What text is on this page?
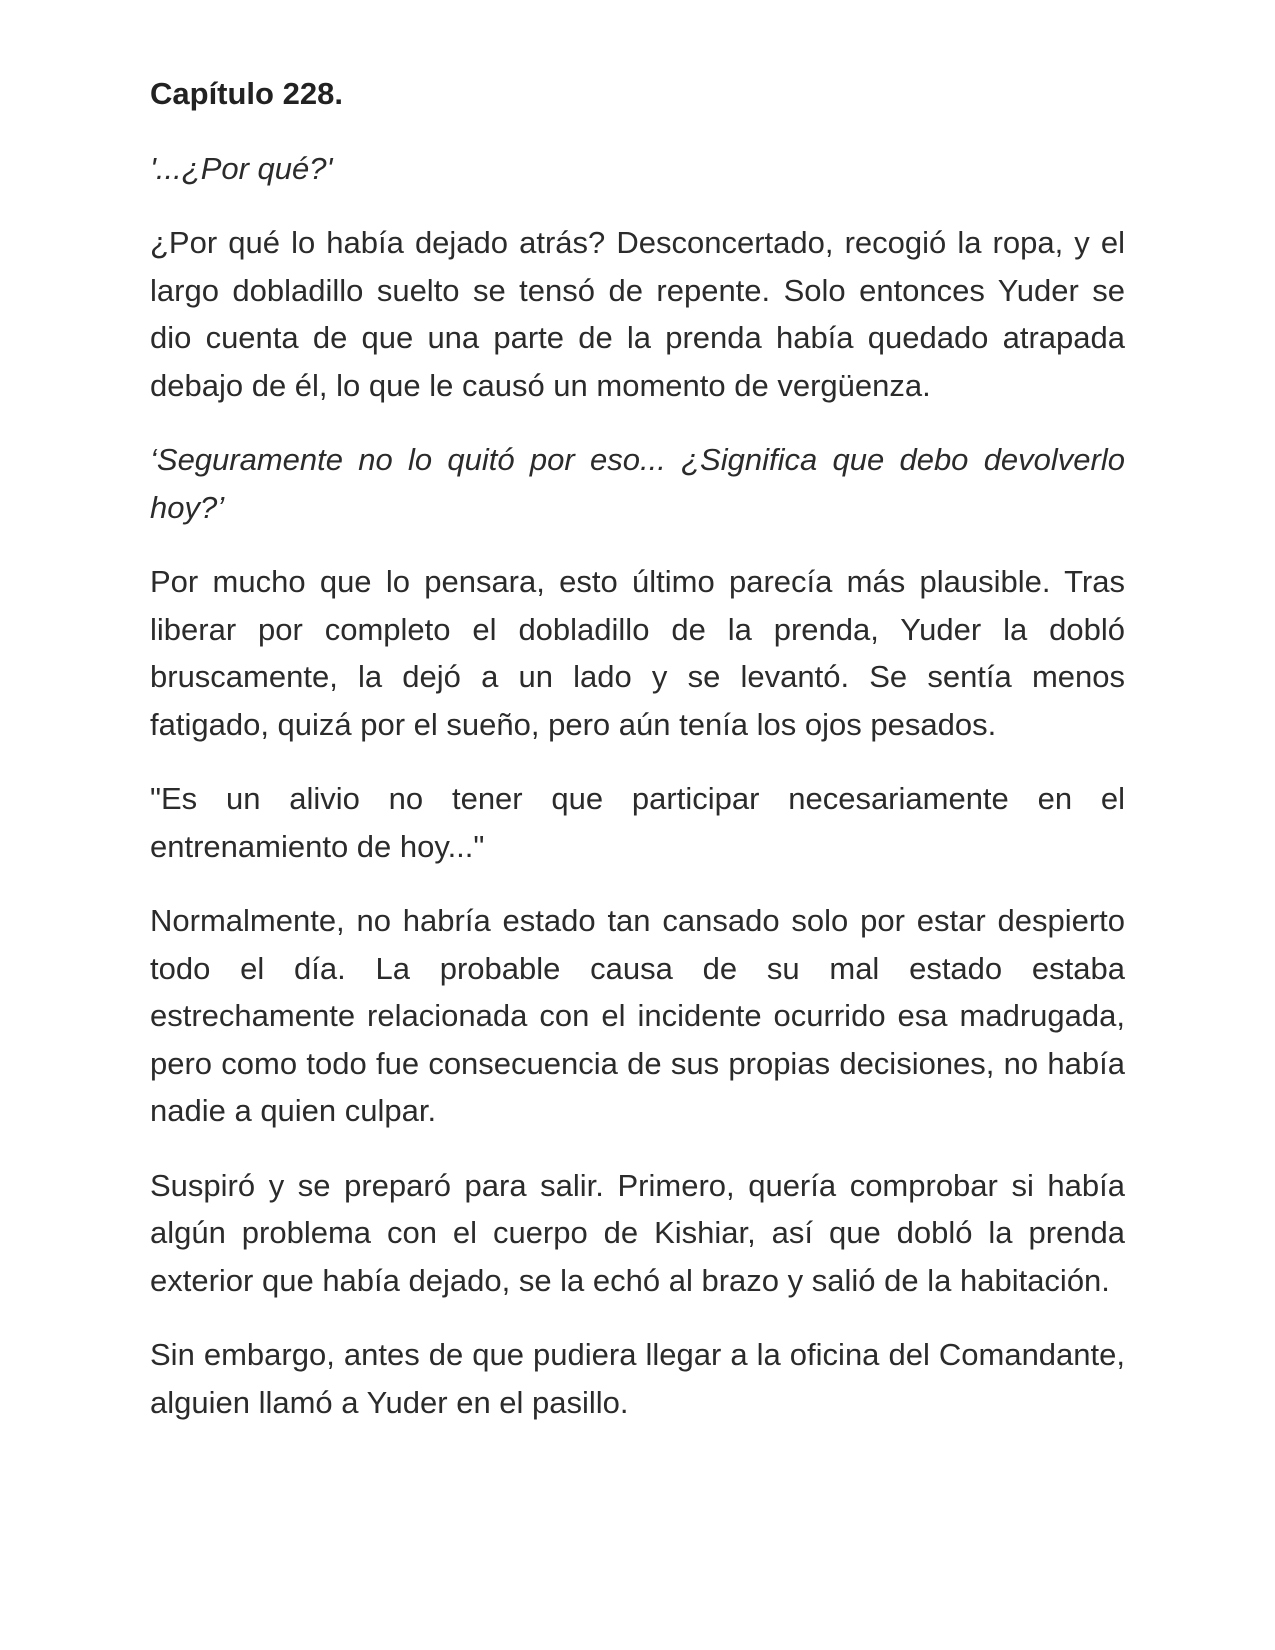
Capítulo 228.

'...¿Por qué?'

¿Por qué lo había dejado atrás? Desconcertado, recogió la ropa, y el largo dobladillo suelto se tensó de repente. Solo entonces Yuder se dio cuenta de que una parte de la prenda había quedado atrapada debajo de él, lo que le causó un momento de vergüenza.

‘Seguramente no lo quitó por eso... ¿Significa que debo devolverlo hoy?’

Por mucho que lo pensara, esto último parecía más plausible. Tras liberar por completo el dobladillo de la prenda, Yuder la dobló bruscamente, la dejó a un lado y se levantó. Se sentía menos fatigado, quizá por el sueño, pero aún tenía los ojos pesados.

"Es un alivio no tener que participar necesariamente en el entrenamiento de hoy..."

Normalmente, no habría estado tan cansado solo por estar despierto todo el día. La probable causa de su mal estado estaba estrechamente relacionada con el incidente ocurrido esa madrugada, pero como todo fue consecuencia de sus propias decisiones, no había nadie a quien culpar.

Suspiró y se preparó para salir. Primero, quería comprobar si había algún problema con el cuerpo de Kishiar, así que dobló la prenda exterior que había dejado, se la echó al brazo y salió de la habitación.

Sin embargo, antes de que pudiera llegar a la oficina del Comandante, alguien llamó a Yuder en el pasillo.
